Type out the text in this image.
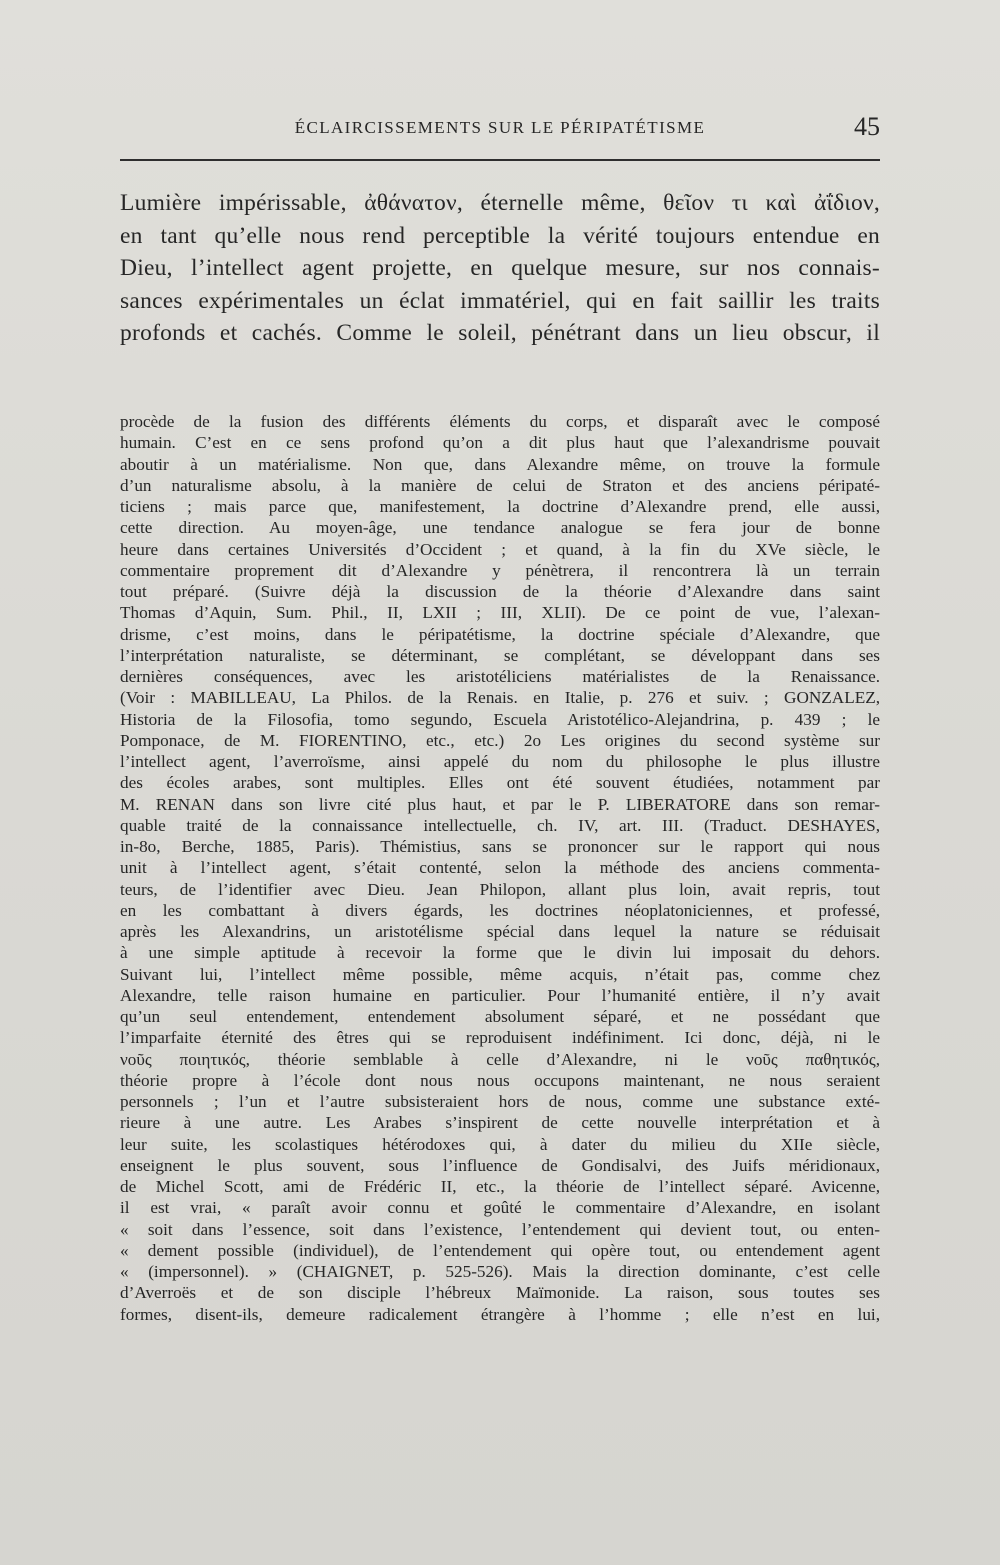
ÉCLAIRCISSEMENTS SUR LE PÉRIPATÉTISME	45
Lumière impérissable, ἀθάνατον, éternelle même, θεῖον τι καὶ ἀΐδιον,
en tant qu’elle nous rend perceptible la vérité toujours entendue en
Dieu, l’intellect agent projette, en quelque mesure, sur nos connais-
sances expérimentales un éclat immatériel, qui en fait saillir les traits
profonds et cachés. Comme le soleil, pénétrant dans un lieu obscur, il
procède de la fusion des différents éléments du corps, et disparaît avec le composé
humain. C’est en ce sens profond qu’on a dit plus haut que l’alexandrisme pouvait
aboutir à un matérialisme. Non que, dans Alexandre même, on trouve la formule
d’un naturalisme absolu, à la manière de celui de Straton et des anciens péripaté-
ticiens ; mais parce que, manifestement, la doctrine d’Alexandre prend, elle aussi,
cette direction. Au moyen-âge, une tendance analogue se fera jour de bonne
heure dans certaines Universités d’Occident ; et quand, à la fin du XVe siècle, le
commentaire proprement dit d’Alexandre y pénètrera, il rencontrera là un terrain
tout préparé. (Suivre déjà la discussion de la théorie d’Alexandre dans saint
Thomas d’Aquin, Sum. Phil., II, LXII ; III, XLII). De ce point de vue, l’alexan-
drisme, c’est moins, dans le péripatétisme, la doctrine spéciale d’Alexandre, que
l’interprétation naturaliste, se déterminant, se complétant, se développant dans ses
dernières conséquences, avec les aristotéliciens matérialistes de la Renaissance.
(Voir : MABILLEAU, La Philos. de la Renais. en Italie, p. 276 et suiv. ; GONZALEZ,
Historia de la Filosofia, tomo segundo, Escuela Aristotélico-Alejandrina, p. 439 ; le
Pomponace, de M. FIORENTINO, etc., etc.) 2o Les origines du second système sur
l’intellect agent, l’averroïsme, ainsi appelé du nom du philosophe le plus illustre
des écoles arabes, sont multiples. Elles ont été souvent étudiées, notamment par
M. RENAN dans son livre cité plus haut, et par le P. LIBERATORE dans son remar-
quable traité de la connaissance intellectuelle, ch. IV, art. III. (Traduct. DESHAYES,
in-8o, Berche, 1885, Paris). Thémistius, sans se prononcer sur le rapport qui nous
unit à l’intellect agent, s’était contenté, selon la méthode des anciens commenta-
teurs, de l’identifier avec Dieu. Jean Philopon, allant plus loin, avait repris, tout
en les combattant à divers égards, les doctrines néoplatoniciennes, et professé,
après les Alexandrins, un aristotélisme spécial dans lequel la nature se réduisait
à une simple aptitude à recevoir la forme que le divin lui imposait du dehors.
Suivant lui, l’intellect même possible, même acquis, n’était pas, comme chez
Alexandre, telle raison humaine en particulier. Pour l’humanité entière, il n’y avait
qu’un seul entendement, entendement absolument séparé, et ne possédant que
l’imparfaite éternité des êtres qui se reproduisent indéfiniment. Ici donc, déjà, ni le
νοῦς ποιητικός, théorie semblable à celle d’Alexandre, ni le νοῦς παθητικός,
théorie propre à l’école dont nous nous occupons maintenant, ne nous seraient
personnels ; l’un et l’autre subsisteraient hors de nous, comme une substance exté-
rieure à une autre. Les Arabes s’inspirent de cette nouvelle interprétation et à
leur suite, les scolastiques hétérodoxes qui, à dater du milieu du XIIe siècle,
enseignent le plus souvent, sous l’influence de Gondisalvi, des Juifs méridionaux,
de Michel Scott, ami de Frédéric II, etc., la théorie de l’intellect séparé. Avicenne,
il est vrai, « paraît avoir connu et goûté le commentaire d’Alexandre, en isolant
« soit dans l’essence, soit dans l’existence, l’entendement qui devient tout, ou enten-
« dement possible (individuel), de l’entendement qui opère tout, ou entendement agent
« (impersonnel). » (CHAIGNET, p. 525-526). Mais la direction dominante, c’est celle
d’Averroës et de son disciple l’hébreux Maïmonide. La raison, sous toutes ses
formes, disent-ils, demeure radicalement étrangère à l’homme ; elle n’est en lui,
